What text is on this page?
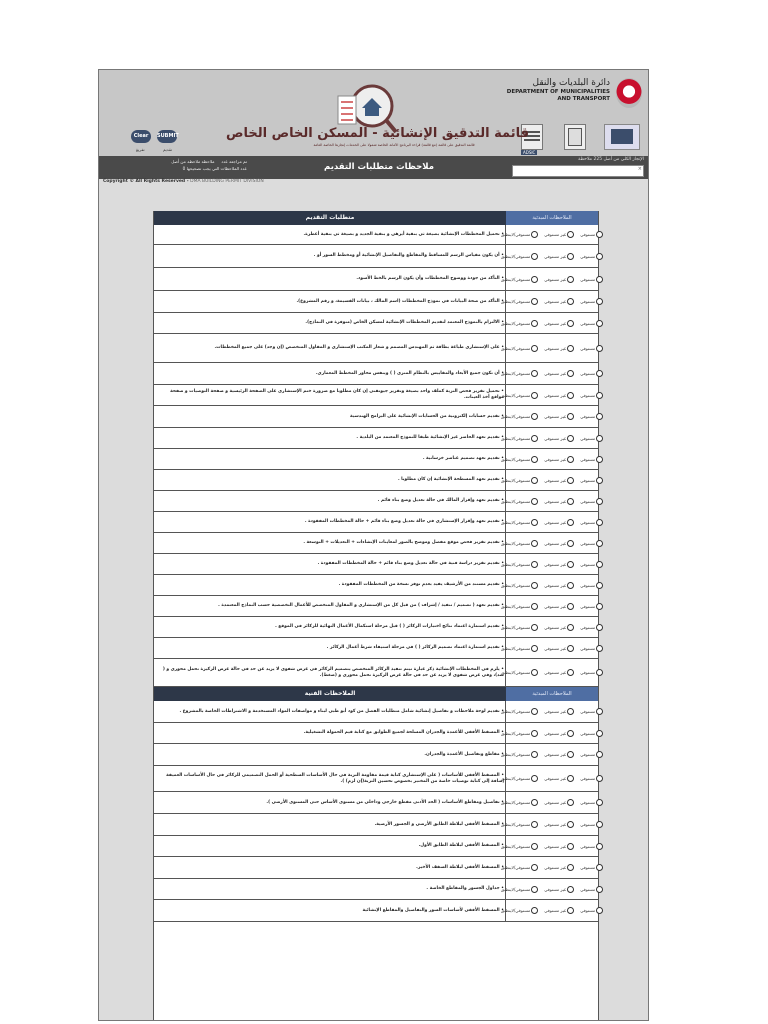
دائرة البلديات والنقل
DEPARTMENT OF MUNICIPALITIES
AND TRANSPORT
ADSIC
قائمة التدقيق الإنشائية - المسكن الخاص الخاص
قائمة التدقيق على قائمة (مع قائمة) قراءة البرنامج الأمانة الخاصة شمولا على الخدمات إنجازها الخاصة العامة
Clear	SUBMIT
تفريغ	تقديم
تم مراجعة عدد  ملاحظة ملاحظة من أصل
عدد الملاحظات التي يجب تصحيحها 0	ملاحظات متطلبات التقديم
الإنجاز الكلي من أصل 225 ملاحظة
×
Copyright © All Rights Reserved - DMA BUILDING PERMIT DIVISION
متطلبات التقديم	الملاحظات المبدئية
• تحميل المخططات الإنشائية بصيغة ثي بنقية أيرهي و بنقية الجديد و بصيغة ثي بنقية أعطرة.	مستوفي
غير مستوفي
مستوفي/لاينطبق
• أن يكون مقياس الرسم للمساقط والمقاطع والتفاصيل الإنشائية أو ومخطط السور أو .	مستوفي
غير مستوفي
مستوفي/لاينطبق
• التأكد من جودة ووضوح المخططات وأن يكون الرسم بالخط الأسود.	مستوفي
غير مستوفي
مستوفي/لاينطبق
• التأكد من صحة البيانات في نموذج المخططات (اسم المالك ، بيانات القسيمة، و رقم المشروع).	مستوفي
غير مستوفي
مستوفي/لاينطبق
• الالتزام بالنموذج المعتمد لتقديم المخططات الإنشائية لمسكن الخاص (متوفرة في النماذج).	مستوفي
غير مستوفي
مستوفي/لاينطبق
• على الإستشاري طباعة بطاقة ثم المهندس المصمم و شعار المكتب الإستشاري و المقاول المتخصص (إن وجد) على جميع المخططات.	مستوفي
غير مستوفي
مستوفي/لاينطبق
• أن تكون جميع الأبعاد والمقاييس بالنظام المتري ( ) وبنفس محاور المخطط المعماري.	مستوفي
غير مستوفي
مستوفي/لاينطبق
• تحميل تقرير فحص التربة كملف واحد بصيغة وتقرير جيوتقني إن كان مطلوبا مع ضرورة ختم الإستشاري على الصفحة الرئيسية و صفحة التوصيات و صفحة مواقع أخذ العينات.	مستوفي
غير مستوفي
مستوفي/لاينطبق
• تقديم حسابات إلكترونية من الحسابات الإنشائية على البرامج الهندسية	مستوفي
غير مستوفي
مستوفي/لاينطبق
• تقديم تعهد الحاضر غير الإنشائية طبقا للنموذج المعتمد من البلدية .	مستوفي
غير مستوفي
مستوفي/لاينطبق
• تقديم تعهد تصميم عناصر خرسانية .	مستوفي
غير مستوفي
مستوفي/لاينطبق
• تقديم تعهد المسطحة الإنشائية إن كان مطلوبا .	مستوفي
غير مستوفي
مستوفي/لاينطبق
• تقديم تعهد وإقرار المالك في حالة تعديل وضع بناء قائم .	مستوفي
غير مستوفي
مستوفي/لاينطبق
• تقديم تعهد وإقرار الإستشاري في حالة تعديل وضع بناء قائم + حالة المخططات المفقودة .	مستوفي
غير مستوفي
مستوفي/لاينطبق
• تقديم تقرير فحص موقع مفصل وموضح بالصور لمعاينات الإنشاءات + التعديلات + التوسعة .	مستوفي
غير مستوفي
مستوفي/لاينطبق
• تقديم تقرير دراسة فنية في حالة تعديل وضع بناء قائم + حالة المخططات المفقودة .	مستوفي
غير مستوفي
مستوفي/لاينطبق
• تقديم مستند من الأرشيف يفيد بعدم توفر نسخة من المخططات المفقودة .	مستوفي
غير مستوفي
مستوفي/لاينطبق
• تقديم تعهد ( تصميم / تنفيذ / إشراف ) من قبل كل من الإستشاري و المقاول المتخصص للأعمال التخصصية حسب النماذج المعتمدة .	مستوفي
غير مستوفي
مستوفي/لاينطبق
• تقديم استمارة اعتماد نتائج اختبارات الركائز ( ) قبل مرحلة استكمال الأعمال النهائية للركائز في الموقع .	مستوفي
غير مستوفي
مستوفي/لاينطبق
• تقديم استمارة اعتماد تصميم الركائز ( ) في مرحلة استيفاء شرط أعمال الركائز .	مستوفي
غير مستوفي
مستوفي/لاينطبق
• يلزم في المخططات الإنشائية ذكر عبارة تيتم تنفيذ الركائز المتخصص بتصميم الركائز في عرض شفوي لا يزيد عن حد في حالة عرض الركيزة تحمل محوري و ( شد)، وفي عرض شفوي لا يزيد عن حد في حالة عرض الركيزة تحمل محوري و (ضغط).	مستوفي
غير مستوفي
مستوفي/لاينطبق
الملاحظات الفنية	الملاحظات المبدئية
• تقديم لوحة ملاحظات و تفاصيل إنشائية شامل متطلبات الفصل من كود أبو ظبي لبناء و مواصفات المواد المستخدمة و الاشتراطات الخاصة بالمشروع .	مستوفي
غير مستوفي
مستوفي/لاينطبق
• المسقط الأفقي للأعمدة والجدران المسلحة لجميع الطوابق مع كتابة قيم الحمولة التشغيلية.	مستوفي
غير مستوفي
مستوفي/لاينطبق
• مقاطع وتفاصيل الأعمدة والجدران.	مستوفي
غير مستوفي
مستوفي/لاينطبق
• المسقط الأفقي للأساسات ( على الإستشاري كتابة قيمة مقاومة التربة في حال الأساسات السطحية أو الحمل التصميمي للركائز في حال الأساسات العميقة إضافة إلى كتابة توصيات خاصة من المختبر بخصوص تحسين التربة(إن لزم) ).	مستوفي
غير مستوفي
مستوفي/لاينطبق
• تفاصيل ومقاطع الأساسات ( الحد الأدنى مقطع خارجي وداخلي من مستوى الأساس حتى المستوى الأرضي ).	مستوفي
غير مستوفي
مستوفي/لاينطبق
• المسقط الأفقي لبلاطة الطابق الأرضي و الجسور الأرضية.	مستوفي
غير مستوفي
مستوفي/لاينطبق
• المسقط الأفقي لبلاطة الطابق الأول.	مستوفي
غير مستوفي
مستوفي/لاينطبق
• المسقط الأفقي لبلاطة السقف الأخير.	مستوفي
غير مستوفي
مستوفي/لاينطبق
• جداول الجسور والمقاطع الخاصة .	مستوفي
غير مستوفي
مستوفي/لاينطبق
• المسقط الأفقي لأساسات السور والتفاصيل والمقاطع الإنشائية	مستوفي
غير مستوفي
مستوفي/لاينطبق
